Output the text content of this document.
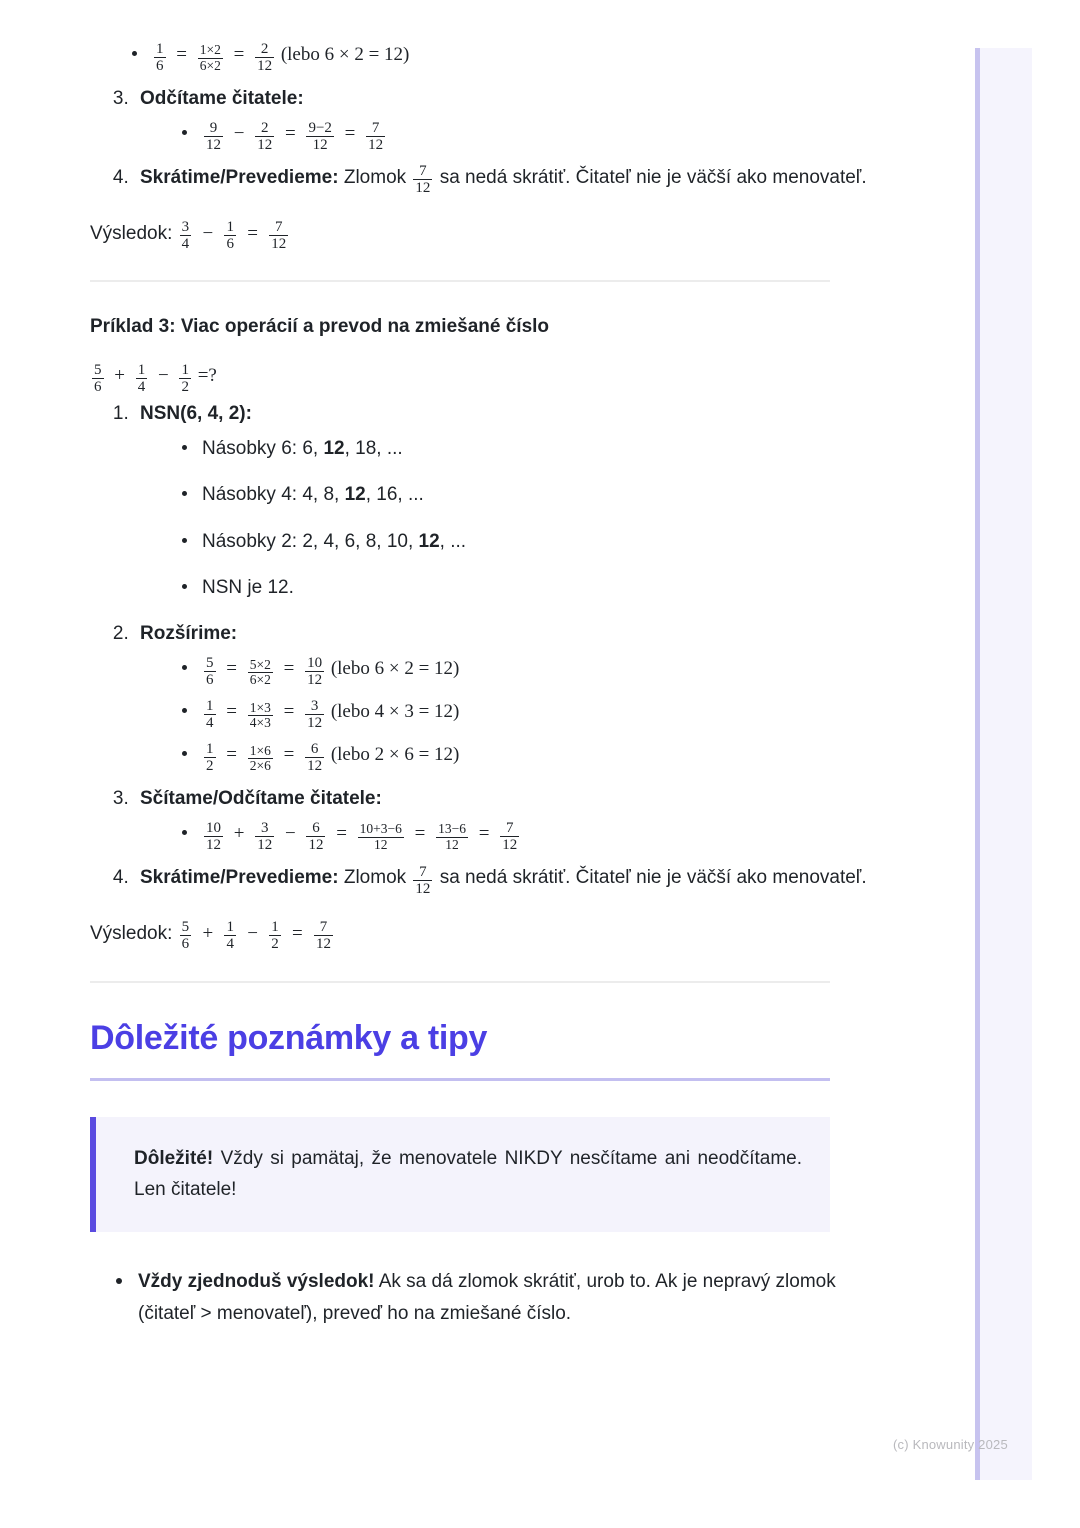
$\frac{1}{6} = \frac{1\times 2}{6\times 2} = \frac{2}{12}$ (lebo 6 × 2 = 12)
3. Odčítame čitatele:
$\frac{9}{12} - \frac{2}{12} = \frac{9-2}{12} = \frac{7}{12}$
4. Skrátime/Prevedieme: Zlomok $\frac{7}{12}$ sa nedá skrátiť. Čitateľ nie je väčší ako menovateľ.

Výsledok: $\frac{3}{4} - \frac{1}{6} = \frac{7}{12}$

Príklad 3: Viac operácií a prevod na zmiešané číslo

$\frac{5}{6} + \frac{1}{4} - \frac{1}{2}$ =?

1. NSN(6, 4, 2):
Násobky 6: 6, 12, 18, ...
Násobky 4: 4, 8, 12, 16, ...
Násobky 2: 2, 4, 6, 8, 10, 12, ...
NSN je 12.
2. Rozšírime:
$\frac{5}{6} = \frac{5\times 2}{6\times 2} = \frac{10}{12}$ (lebo 6 × 2 = 12)
$\frac{1}{4} = \frac{1\times 3}{4\times 3} = \frac{3}{12}$ (lebo 4 × 3 = 12)
$\frac{1}{2} = \frac{1\times 6}{2\times 6} = \frac{6}{12}$ (lebo 2 × 6 = 12)
3. Sčítame/Odčítame čitatele:
$\frac{10}{12} + \frac{3}{12} - \frac{6}{12} = \frac{10+3-6}{12} = \frac{13-6}{12} = \frac{7}{12}$
4. Skrátime/Prevedieme: Zlomok $\frac{7}{12}$ sa nedá skrátiť. Čitateľ nie je väčší ako menovateľ.

Výsledok: $\frac{5}{6} + \frac{1}{4} - \frac{1}{2} = \frac{7}{12}$

Dôležité poznámky a tipy

Dôležité! Vždy si pamätaj, že menovatele NIKDY nesčítame ani neodčítame. Len čitatele!

Vždy zjednoduš výsledok! Ak sa dá zlomok skrátiť, urob to. Ak je nepravý zlomok (čitateľ > menovateľ), preveď ho na zmiešané číslo.
(c) Knowunity 2025
